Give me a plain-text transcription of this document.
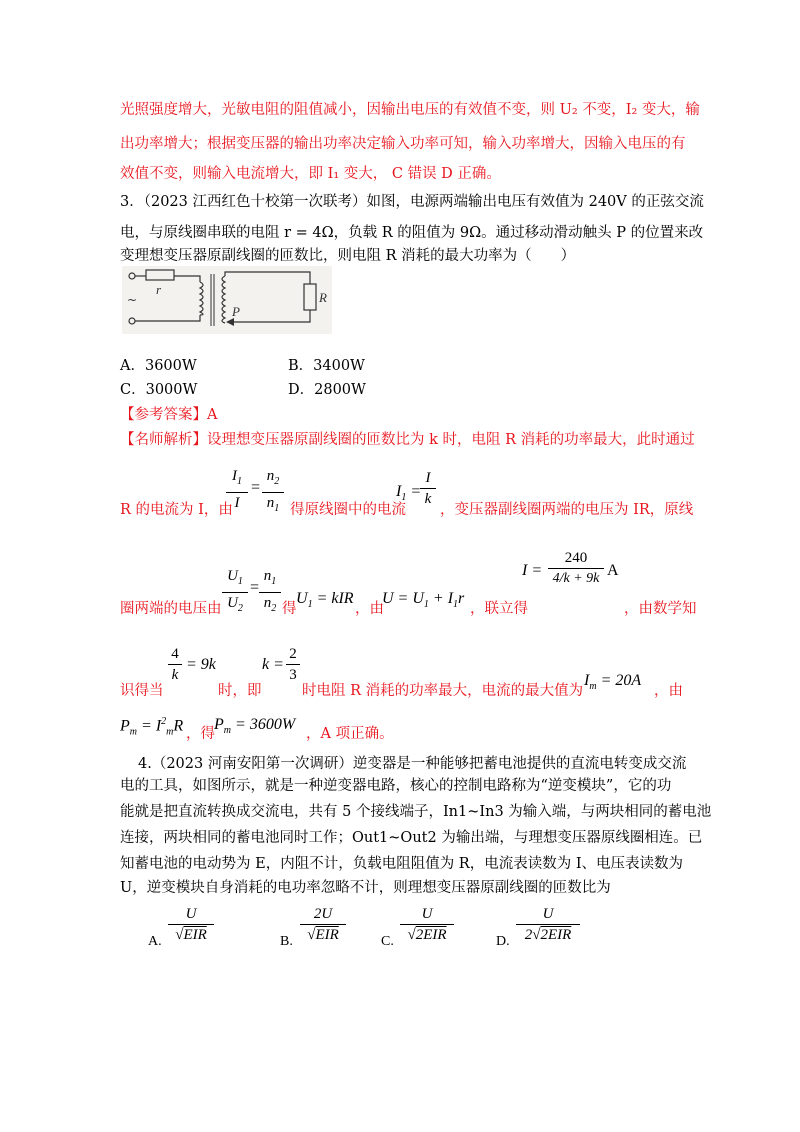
光照强度增大，光敏电阻的阻值减小，因输出电压的有效值不变，则 U₂ 不变，I₂ 变大，输
出功率增大；根据变压器的输出功率决定输入功率可知，输入功率增大，因输入电压的有
效值不变，则输入电流增大，即 I₁ 变大， C 错误 D 正确。
3．（2023 江西红色十校第一次联考）如图，电源两端输出电压有效值为 240V 的正弦交流
电，与原线圈串联的电阻 r = 4Ω，负载 R 的阻值为 9Ω。通过移动滑动触头 P 的位置来改
变理想变压器原副线圈的匝数比，则电阻 R 消耗的最大功率为（　　）
~
r
R
P
A．3600W	B．3400W
C．3000W	D．2800W
【参考答案】A
【名师解析】设理想变压器原副线圈的匝数比为 k 时，电阻 R 消耗的功率最大，此时通过
R 的电流为 I，由
$\frac{I_1}{I} = \frac{n_2}{n_1}$ 得原线圈中的电流
$I_1$ =
$\frac{I}{k}$
，变压器副线圈两端的电压为 IR，原线
圈两端的电压由 $\frac{U_1}{U_2} = \frac{n_1}{n_2}$ 得
$U_1$ = kIR
，由
$U = U_1 + I_1r$
，联立得
$I = \frac{240}{4/k + 9k}$ A
，由数学知
识得当
$\frac{4}{k} = 9k$
时，即
$k = \frac{2}{3}$
时电阻 R 消耗的功率最大，电流的最大值为
$I_m = 20A$
，由
$P_m = I^2_mR$ ，得
$P_m = 3600W$
，A 项正确。
4.（2023 河南安阳第一次调研）逆变器是一种能够把蓄电池提供的直流电转变成交流
电的工具，如图所示，就是一种逆变器电路，核心的控制电路称为“逆变模块”，它的功
能就是把直流转换成交流电，共有 5 个接线端子，In1~In3 为输入端，与两块相同的蓄电池
连接，两块相同的蓄电池同时工作；Out1~Out2 为输出端，与理想变压器原线圈相连。已
知蓄电池的电动势为 E，内阻不计，负载电阻阻值为 R，电流表读数为 I、电压表读数为
U，逆变模块自身消耗的电功率忽略不计，则理想变压器原副线圈的匝数比为
A.
U
√EIR	B.
2U
√EIR	C.
U
√2EIR	D.
U
2√2EIR
